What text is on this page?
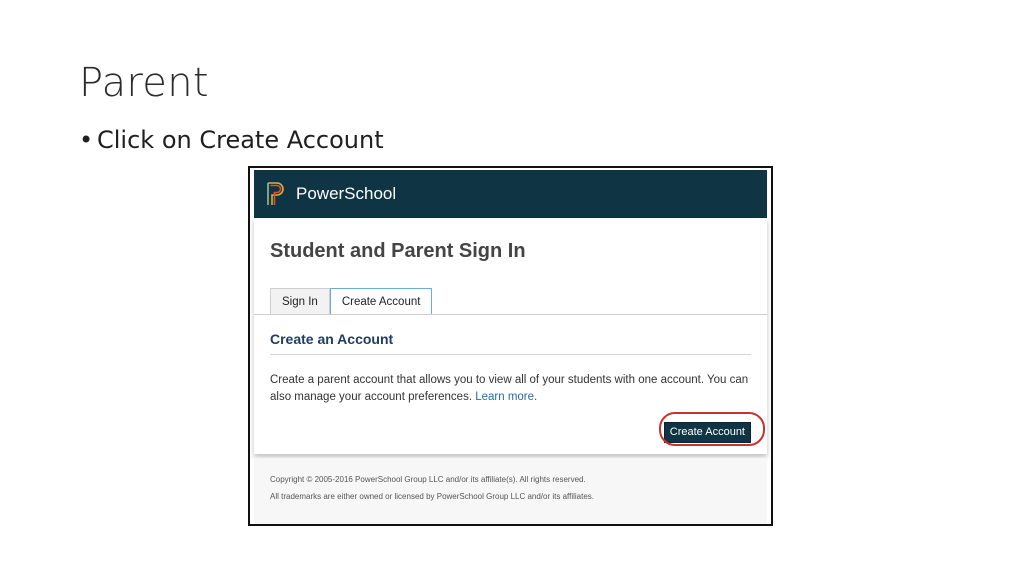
Parent
• Click on Create Account
PowerSchool
Student and Parent Sign In
Sign In	Create Account
Create an Account
Create a parent account that allows you to view all of your students with one account. You can also manage your account preferences. Learn more.
Create Account
Copyright © 2005-2016 PowerSchool Group LLC and/or its affiliate(s). All rights reserved.
All trademarks are either owned or licensed by PowerSchool Group LLC and/or its affiliates.
